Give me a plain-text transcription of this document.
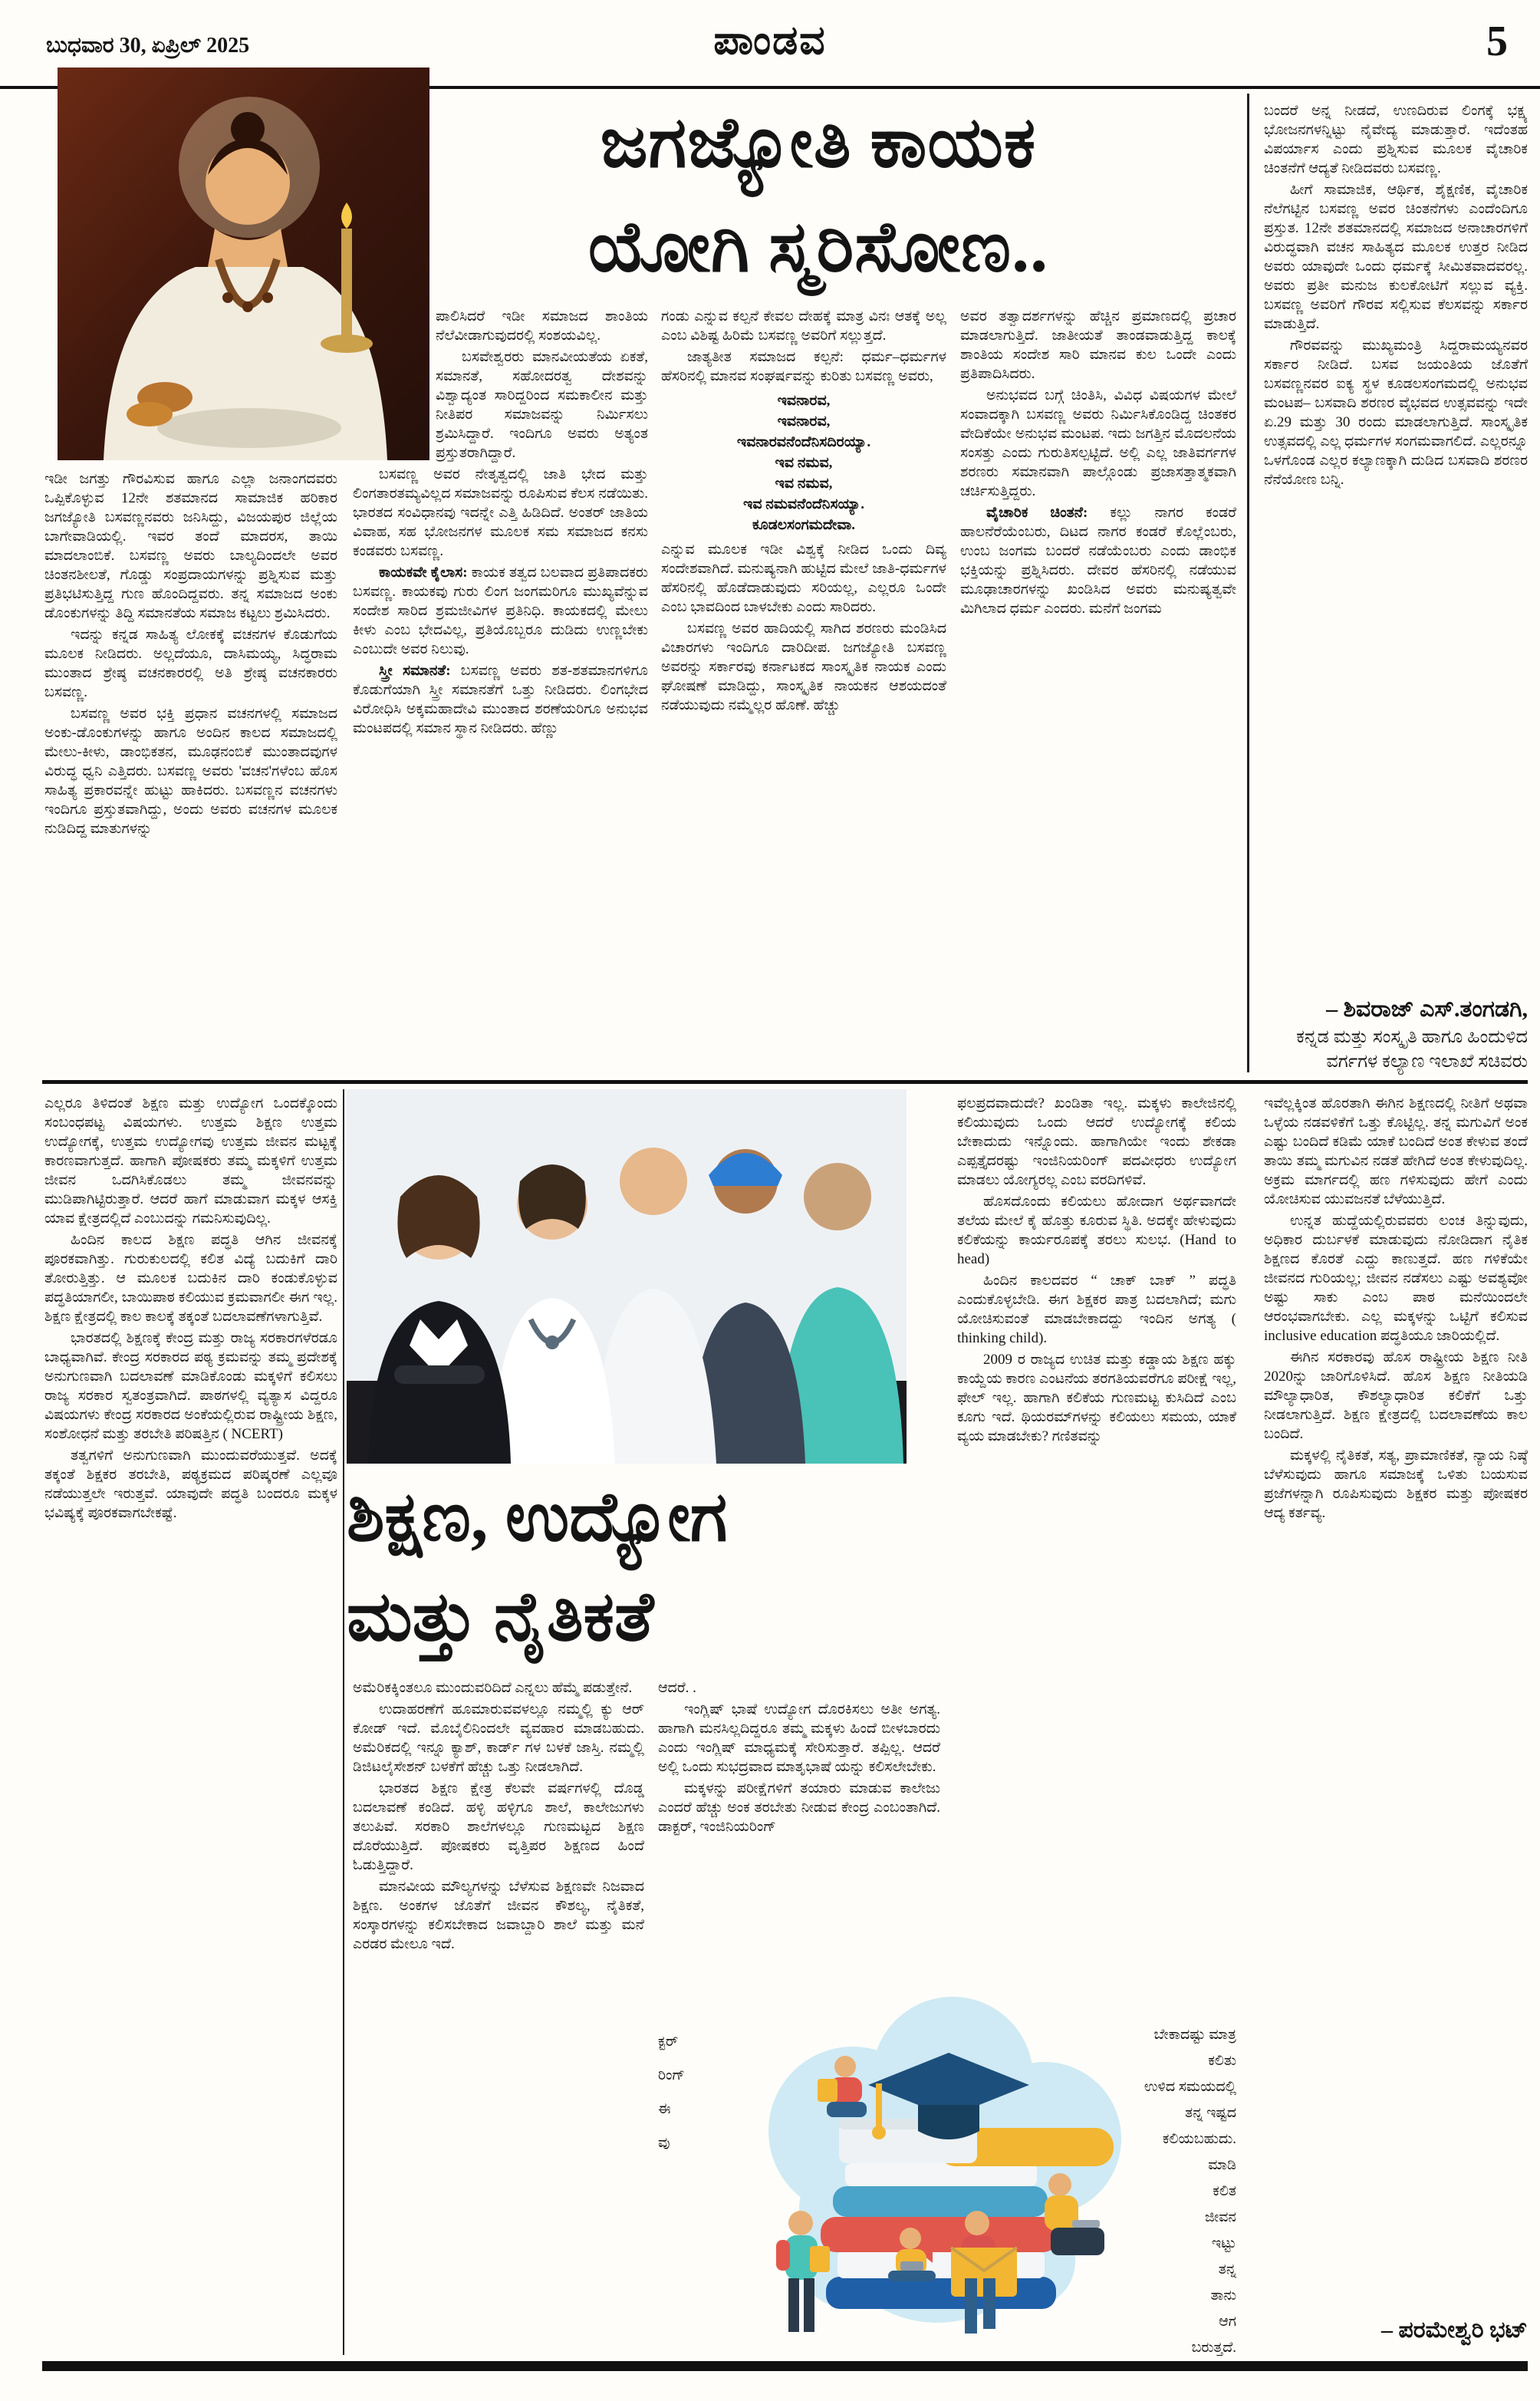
ಬುಧವಾರ 30, ಏಪ್ರಿಲ್ 2025	ಪಾಂಡವ	5
ಜಗಜ್ಯೋತಿ ಕಾಯಕ
ಯೋಗಿ ಸ್ಮರಿಸೋಣ..

ಇಡೀ ಜಗತ್ತು ಗೌರವಿಸುವ ಹಾಗೂ ಎಲ್ಲಾ ಜನಾಂಗದವರು ಒಪ್ಪಿಕೊಳ್ಳುವ 12ನೇ ಶತಮಾನದ ಸಾಮಾಜಿಕ ಹರಿಕಾರ ಜಗಜ್ಯೋತಿ ಬಸವಣ್ಣನವರು ಜನಿಸಿದ್ದು, ವಿಜಯಪುರ ಜಿಲ್ಲೆಯ ಬಾಗೇವಾಡಿಯಲ್ಲಿ. ಇವರ ತಂದೆ ಮಾದರಸ, ತಾಯಿ ಮಾದಲಾಂಬಿಕೆ. ಬಸವಣ್ಣ ಅವರು ಬಾಲ್ಯದಿಂದಲೇ ಅವರ ಚಿಂತನಶೀಲತೆ, ಗೊಡ್ಡು ಸಂಪ್ರದಾಯಗಳನ್ನು ಪ್ರಶ್ನಿಸುವ ಮತ್ತು ಪ್ರತಿಭಟಿಸುತ್ತಿದ್ದ ಗುಣ ಹೊಂದಿದ್ದವರು. ತನ್ನ ಸಮಾಜದ ಅಂಕು ಡೊಂಕುಗಳನ್ನು ತಿದ್ದಿ ಸಮಾನತೆಯ ಸಮಾಜ ಕಟ್ಟಲು ಶ್ರಮಿಸಿದರು.

ಇದನ್ನು ಕನ್ನಡ ಸಾಹಿತ್ಯ ಲೋಕಕ್ಕೆ ವಚನಗಳ ಕೊಡುಗೆಯ ಮೂಲಕ ನೀಡಿದರು. ಅಲ್ಲದೆಯೂ, ದಾಸಿಮಯ್ಯ, ಸಿದ್ಧರಾಮ ಮುಂತಾದ ಶ್ರೇಷ್ಠ ವಚನಕಾರರಲ್ಲಿ ಅತಿ ಶ್ರೇಷ್ಠ ವಚನಕಾರರು ಬಸವಣ್ಣ.

ಬಸವಣ್ಣ ಅವರ ಭಕ್ತಿ ಪ್ರಧಾನ ವಚನಗಳಲ್ಲಿ ಸಮಾಜದ ಅಂಕು-ಡೊಂಕುಗಳನ್ನು ಹಾಗೂ ಅಂದಿನ ಕಾಲದ ಸಮಾಜದಲ್ಲಿ ಮೇಲು-ಕೀಳು, ಡಾಂಭಿಕತನ, ಮೂಢನಂಬಿಕೆ ಮುಂತಾದವುಗಳ ವಿರುದ್ಧ ಧ್ವನಿ ಎತ್ತಿದರು. ಬಸವಣ್ಣ ಅವರು 'ವಚನ'ಗಳೆಂಬ ಹೊಸ ಸಾಹಿತ್ಯ ಪ್ರಕಾರವನ್ನೇ ಹುಟ್ಟು ಹಾಕಿದರು. ಬಸವಣ್ಣನ ವಚನಗಳು ಇಂದಿಗೂ ಪ್ರಸ್ತುತವಾಗಿದ್ದು, ಅಂದು ಅವರು ವಚನಗಳ ಮೂಲಕ ನುಡಿದಿದ್ದ ಮಾತುಗಳನ್ನು

ಪಾಲಿಸಿದರೆ ಇಡೀ ಸಮಾಜದ ಶಾಂತಿಯ ನೆಲೆವೀಡಾಗುವುದರಲ್ಲಿ ಸಂಶಯವಿಲ್ಲ.

ಬಸವೇಶ್ವರರು ಮಾನವೀಯತೆಯ ಏಕತೆ, ಸಮಾನತೆ, ಸಹೋದರತ್ವ ದೇಶವನ್ನು ವಿಶ್ವಾದ್ಯಂತ ಸಾರಿದ್ದರಿಂದ ಸಮಕಾಲೀನ ಮತ್ತು ನೀತಿಪರ ಸಮಾಜವನ್ನು ನಿರ್ಮಿಸಲು ಶ್ರಮಿಸಿದ್ದಾರೆ. ಇಂದಿಗೂ ಅವರು ಅತ್ಯಂತ ಪ್ರಸ್ತುತರಾಗಿದ್ದಾರೆ.

ಬಸವಣ್ಣ ಅವರ ನೇತೃತ್ವದಲ್ಲಿ ಜಾತಿ ಭೇದ ಮತ್ತು ಲಿಂಗತಾರತಮ್ಯವಿಲ್ಲದ ಸಮಾಜವನ್ನು ರೂಪಿಸುವ ಕೆಲಸ ನಡೆಯಿತು. ಭಾರತದ ಸಂವಿಧಾನವು ಇದನ್ನೇ ಎತ್ತಿ ಹಿಡಿದಿದೆ. ಅಂತರ್ ಜಾತಿಯ ವಿವಾಹ, ಸಹ ಭೋಜನಗಳ ಮೂಲಕ ಸಮ ಸಮಾಜದ ಕನಸು ಕಂಡವರು ಬಸವಣ್ಣ.

ಕಾಯಕವೇ ಕೈಲಾಸ: ಕಾಯಕ ತತ್ವದ ಬಲವಾದ ಪ್ರತಿಪಾದಕರು ಬಸವಣ್ಣ. ಕಾಯಕವು ಗುರು ಲಿಂಗ ಜಂಗಮರಿಗೂ ಮುಖ್ಯವೆನ್ನುವ ಸಂದೇಶ ಸಾರಿದ ಶ್ರಮಜೀವಿಗಳ ಪ್ರತಿನಿಧಿ. ಕಾಯಕದಲ್ಲಿ ಮೇಲು ಕೀಳು ಎಂಬ ಭೇದವಿಲ್ಲ, ಪ್ರತಿಯೊಬ್ಬರೂ ದುಡಿದು ಉಣ್ಣಬೇಕು ಎಂಬುದೇ ಅವರ ನಿಲುವು.

ಸ್ತ್ರೀ ಸಮಾನತೆ: ಬಸವಣ್ಣ ಅವರು ಶತ-ಶತಮಾನಗಳಿಗೂ ಕೊಡುಗೆಯಾಗಿ ಸ್ತ್ರೀ ಸಮಾನತೆಗೆ ಒತ್ತು ನೀಡಿದರು. ಲಿಂಗಭೇದ ವಿರೋಧಿಸಿ ಅಕ್ಕಮಹಾದೇವಿ ಮುಂತಾದ ಶರಣೆಯರಿಗೂ ಅನುಭವ ಮಂಟಪದಲ್ಲಿ ಸಮಾನ ಸ್ಥಾನ ನೀಡಿದರು. ಹೆಣ್ಣು

ಗಂಡು ಎನ್ನುವ ಕಲ್ಪನೆ ಕೇವಲ ದೇಹಕ್ಕೆ ಮಾತ್ರ ವಿನಃ ಆತಕ್ಕೆ ಅಲ್ಲ ಎಂಬ ವಿಶಿಷ್ಟ ಹಿರಿಮೆ ಬಸವಣ್ಣ ಅವರಿಗೆ ಸಲ್ಲುತ್ತದೆ.

ಜಾತ್ಯತೀತ ಸಮಾಜದ ಕಲ್ಪನೆ: ಧರ್ಮ–ಧರ್ಮಗಳ ಹೆಸರಿನಲ್ಲಿ ಮಾನವ ಸಂಘರ್ಷವನ್ನು ಕುರಿತು ಬಸವಣ್ಣ ಅವರು,

ಇವನಾರವ,
ಇವನಾರವ,
ಇವನಾರವನೆಂದೆನಿಸದಿರಯ್ಯಾ.
ಇವ ನಮವ,
ಇವ ನಮವ,
ಇವ ನಮವನೆಂದೆನಿಸಯ್ಯಾ.
ಕೂಡಲಸಂಗಮದೇವಾ.

ಎನ್ನುವ ಮೂಲಕ ಇಡೀ ವಿಶ್ವಕ್ಕೆ ನೀಡಿದ ಒಂದು ದಿವ್ಯ ಸಂದೇಶವಾಗಿದೆ. ಮನುಷ್ಯನಾಗಿ ಹುಟ್ಟಿದ ಮೇಲೆ ಜಾತಿ-ಧರ್ಮಗಳ ಹೆಸರಿನಲ್ಲಿ ಹೊಡೆದಾಡುವುದು ಸರಿಯಲ್ಲ, ಎಲ್ಲರೂ ಒಂದೇ ಎಂಬ ಭಾವದಿಂದ ಬಾಳಬೇಕು ಎಂದು ಸಾರಿದರು.

ಬಸವಣ್ಣ ಅವರ ಹಾದಿಯಲ್ಲಿ ಸಾಗಿದ ಶರಣರು ಮಂಡಿಸಿದ ವಿಚಾರಗಳು ಇಂದಿಗೂ ದಾರಿದೀಪ. ಜಗಜ್ಯೋತಿ ಬಸವಣ್ಣ ಅವರನ್ನು ಸರ್ಕಾರವು ಕರ್ನಾಟಕದ ಸಾಂಸ್ಕೃತಿಕ ನಾಯಕ ಎಂದು ಘೋಷಣೆ ಮಾಡಿದ್ದು, ಸಾಂಸ್ಕೃತಿಕ ನಾಯಕನ ಆಶಯದಂತೆ ನಡೆಯುವುದು ನಮ್ಮೆಲ್ಲರ ಹೊಣೆ. ಹೆಚ್ಚು

ಅವರ ತತ್ವಾದರ್ಶಗಳನ್ನು ಹೆಚ್ಚಿನ ಪ್ರಮಾಣದಲ್ಲಿ ಪ್ರಚಾರ ಮಾಡಲಾಗುತ್ತಿದೆ. ಜಾತೀಯತೆ ತಾಂಡವಾಡುತ್ತಿದ್ದ ಕಾಲಕ್ಕೆ ಶಾಂತಿಯ ಸಂದೇಶ ಸಾರಿ ಮಾನವ ಕುಲ ಒಂದೇ ಎಂದು ಪ್ರತಿಪಾದಿಸಿದರು.

ಅನುಭವದ ಬಗ್ಗೆ ಚಿಂತಿಸಿ, ವಿವಿಧ ವಿಷಯಗಳ ಮೇಲೆ ಸಂವಾದಕ್ಕಾಗಿ ಬಸವಣ್ಣ ಅವರು ನಿರ್ಮಿಸಿಕೊಂಡಿದ್ದ ಚಿಂತಕರ ವೇದಿಕೆಯೇ ಅನುಭವ ಮಂಟಪ. ಇದು ಜಗತ್ತಿನ ಮೊದಲನೆಯ ಸಂಸತ್ತು ಎಂದು ಗುರುತಿಸಲ್ಪಟ್ಟಿದೆ. ಅಲ್ಲಿ ಎಲ್ಲ ಜಾತಿವರ್ಗಗಳ ಶರಣರು ಸಮಾನವಾಗಿ ಪಾಲ್ಗೊಂಡು ಪ್ರಜಾಸತ್ತಾತ್ಮಕವಾಗಿ ಚರ್ಚಿಸುತ್ತಿದ್ದರು.

ವೈಚಾರಿಕ ಚಿಂತನೆ: ಕಲ್ಲು ನಾಗರ ಕಂಡರೆ ಹಾಲನೆರೆಯೆಂಬರು, ದಿಟದ ನಾಗರ ಕಂಡರೆ ಕೊಲ್ಲೆಂಬರು, ಉಂಬ ಜಂಗಮ ಬಂದರೆ ನಡೆಯೆಂಬರು ಎಂದು ಡಾಂಭಿಕ ಭಕ್ತಿಯನ್ನು ಪ್ರಶ್ನಿಸಿದರು. ದೇವರ ಹೆಸರಿನಲ್ಲಿ ನಡೆಯುವ ಮೂಢಾಚಾರಗಳನ್ನು ಖಂಡಿಸಿದ ಅವರು ಮನುಷ್ಯತ್ವವೇ ಮಿಗಿಲಾದ ಧರ್ಮ ಎಂದರು. ಮನೆಗೆ ಜಂಗಮ

ಬಂದರೆ ಅನ್ನ ನೀಡದೆ, ಉಣದಿರುವ ಲಿಂಗಕ್ಕೆ ಭಕ್ಷ್ಯ ಭೋಜನಗಳನ್ನಿಟ್ಟು ನೈವೇದ್ಯ ಮಾಡುತ್ತಾರೆ. ಇದೆಂತಹ ವಿಪರ್ಯಾಸ ಎಂದು ಪ್ರಶ್ನಿಸುವ ಮೂಲಕ ವೈಚಾರಿಕ ಚಿಂತನೆಗೆ ಆದ್ಯತೆ ನೀಡಿದವರು ಬಸವಣ್ಣ.

ಹೀಗೆ ಸಾಮಾಜಿಕ, ಆರ್ಥಿಕ, ಶೈಕ್ಷಣಿಕ, ವೈಚಾರಿಕ ನೆಲೆಗಟ್ಟಿನ ಬಸವಣ್ಣ ಅವರ ಚಿಂತನೆಗಳು ಎಂದೆಂದಿಗೂ ಪ್ರಸ್ತುತ. 12ನೇ ಶತಮಾನದಲ್ಲಿ ಸಮಾಜದ ಅನಾಚಾರಗಳಿಗೆ ವಿರುದ್ಧವಾಗಿ ವಚನ ಸಾಹಿತ್ಯದ ಮೂಲಕ ಉತ್ತರ ನೀಡಿದ ಅವರು ಯಾವುದೇ ಒಂದು ಧರ್ಮಕ್ಕೆ ಸೀಮಿತವಾದವರಲ್ಲ. ಅವರು ಪ್ರತೀ ಮನುಜ ಕುಲಕೋಟಿಗೆ ಸಲ್ಲುವ ವ್ಯಕ್ತಿ. ಬಸವಣ್ಣ ಅವರಿಗೆ ಗೌರವ ಸಲ್ಲಿಸುವ ಕೆಲಸವನ್ನು ಸರ್ಕಾರ ಮಾಡುತ್ತಿದೆ.

ಗೌರವವನ್ನು ಮುಖ್ಯಮಂತ್ರಿ ಸಿದ್ದರಾಮಯ್ಯನವರ ಸರ್ಕಾರ ನೀಡಿದೆ. ಬಸವ ಜಯಂತಿಯ ಜೊತೆಗೆ ಬಸವಣ್ಣನವರ ಐಕ್ಯ ಸ್ಥಳ ಕೂಡಲಸಂಗಮದಲ್ಲಿ ಅನುಭವ ಮಂಟಪ– ಬಸವಾದಿ ಶರಣರ ವೈಭವದ ಉತ್ಸವವನ್ನು ಇದೇ ಏ.29 ಮತ್ತು 30 ರಂದು ಮಾಡಲಾಗುತ್ತಿದೆ. ಸಾಂಸ್ಕೃತಿಕ ಉತ್ಸವದಲ್ಲಿ ಎಲ್ಲ ಧರ್ಮಗಳ ಸಂಗಮವಾಗಲಿದೆ. ಎಲ್ಲರನ್ನೂ ಒಳಗೊಂಡ ಎಲ್ಲರ ಕಲ್ಯಾಣಕ್ಕಾಗಿ ದುಡಿದ ಬಸವಾದಿ ಶರಣರ ನೆನೆಯೋಣ ಬನ್ನಿ.

– ಶಿವರಾಜ್ ಎಸ್.ತಂಗಡಗಿ,
ಕನ್ನಡ ಮತ್ತು ಸಂಸ್ಕೃತಿ ಹಾಗೂ ಹಿಂದುಳಿದ
ವರ್ಗಗಳ ಕಲ್ಯಾಣ ಇಲಾಖೆ ಸಚಿವರು

ಎಲ್ಲರೂ ತಿಳಿದಂತೆ ಶಿಕ್ಷಣ ಮತ್ತು ಉದ್ಯೋಗ ಒಂದಕ್ಕೊಂದು ಸಂಬಂಧಪಟ್ಟ ವಿಷಯಗಳು. ಉತ್ತಮ ಶಿಕ್ಷಣ ಉತ್ತಮ ಉದ್ಯೋಗಕ್ಕೆ, ಉತ್ತಮ ಉದ್ಯೋಗವು ಉತ್ತಮ ಜೀವನ ಮಟ್ಟಕ್ಕೆ ಕಾರಣವಾಗುತ್ತದೆ. ಹಾಗಾಗಿ ಪೋಷಕರು ತಮ್ಮ ಮಕ್ಕಳಿಗೆ ಉತ್ತಮ ಜೀವನ ಒದಗಿಸಿಕೊಡಲು ತಮ್ಮ ಜೀವನವನ್ನು ಮುಡಿಪಾಗಿಟ್ಟಿರುತ್ತಾರೆ. ಆದರೆ ಹಾಗೆ ಮಾಡುವಾಗ ಮಕ್ಕಳ ಆಸಕ್ತಿ ಯಾವ ಕ್ಷೇತ್ರದಲ್ಲಿದೆ ಎಂಬುದನ್ನು ಗಮನಿಸುವುದಿಲ್ಲ.

ಹಿಂದಿನ ಕಾಲದ ಶಿಕ್ಷಣ ಪದ್ಧತಿ ಆಗಿನ ಜೀವನಕ್ಕೆ ಪೂರಕವಾಗಿತ್ತು. ಗುರುಕುಲದಲ್ಲಿ ಕಲಿತ ವಿದ್ಯೆ ಬದುಕಿಗೆ ದಾರಿ ತೋರುತ್ತಿತ್ತು. ಆ ಮೂಲಕ ಬದುಕಿನ ದಾರಿ ಕಂಡುಕೊಳ್ಳುವ ಪದ್ಧತಿಯಾಗಲೀ, ಬಾಯಿಪಾಠ ಕಲಿಯುವ ಕ್ರಮವಾಗಲೀ ಈಗ ಇಲ್ಲ. ಶಿಕ್ಷಣ ಕ್ಷೇತ್ರದಲ್ಲಿ ಕಾಲ ಕಾಲಕ್ಕೆ ತಕ್ಕಂತೆ ಬದಲಾವಣೆಗಳಾಗುತ್ತಿವೆ.

ಭಾರತದಲ್ಲಿ ಶಿಕ್ಷಣಕ್ಕೆ ಕೇಂದ್ರ ಮತ್ತು ರಾಜ್ಯ ಸರಕಾರಗಳೆರಡೂ ಬಾಧ್ಯವಾಗಿವೆ. ಕೇಂದ್ರ ಸರಕಾರದ ಪಠ್ಯ ಕ್ರಮವನ್ನು ತಮ್ಮ ಪ್ರದೇಶಕ್ಕೆ ಅನುಗುಣವಾಗಿ ಬದಲಾವಣೆ ಮಾಡಿಕೊಂಡು ಮಕ್ಕಳಿಗೆ ಕಲಿಸಲು ರಾಜ್ಯ ಸರಕಾರ ಸ್ವತಂತ್ರವಾಗಿದೆ. ಪಾಠಗಳಲ್ಲಿ ವ್ಯತ್ಯಾಸ ವಿದ್ದರೂ ವಿಷಯಗಳು ಕೇಂದ್ರ ಸರಕಾರದ ಅಂಕೆಯಲ್ಲಿರುವ ರಾಷ್ಟ್ರೀಯ ಶಿಕ್ಷಣ, ಸಂಶೋಧನೆ ಮತ್ತು ತರಬೇತಿ ಪರಿಷತ್ತಿನ ( NCERT)

ತತ್ವಗಳಿಗೆ ಅನುಗುಣವಾಗಿ ಮುಂದುವರೆಯುತ್ತವೆ. ಅದಕ್ಕೆ ತಕ್ಕಂತೆ ಶಿಕ್ಷಕರ ತರಬೇತಿ, ಪಠ್ಯಕ್ರಮದ ಪರಿಷ್ಕರಣೆ ಎಲ್ಲವೂ ನಡೆಯುತ್ತಲೇ ಇರುತ್ತವೆ. ಯಾವುದೇ ಪದ್ಧತಿ ಬಂದರೂ ಮಕ್ಕಳ ಭವಿಷ್ಯಕ್ಕೆ ಪೂರಕವಾಗಬೇಕಷ್ಟೆ.	ಶಿಕ್ಷಣ, ಉದ್ಯೋಗ
ಮತ್ತು ನೈತಿಕತೆ

ಅಮೆರಿಕಕ್ಕಿಂತಲೂ ಮುಂದುವರಿದಿದೆ ಎನ್ನಲು ಹೆಮ್ಮೆ ಪಡುತ್ತೇನೆ.

ಉದಾಹರಣೆಗೆ ಹೂಮಾರುವವಳಲ್ಲೂ ನಮ್ಮಲ್ಲಿ ಕ್ಯು ಆರ್ ಕೋಡ್ ಇದೆ. ಮೊಬೈಲಿನಿಂದಲೇ ವ್ಯವಹಾರ ಮಾಡಬಹುದು. ಅಮೆರಿಕದಲ್ಲಿ ಇನ್ನೂ ಕ್ಯಾಶ್, ಕಾರ್ಡ್ ಗಳ ಬಳಕೆ ಜಾಸ್ತಿ. ನಮ್ಮಲ್ಲಿ ಡಿಜಿಟಲೈಸೇಶನ್ ಬಳಕೆಗೆ ಹೆಚ್ಚು ಒತ್ತು ನೀಡಲಾಗಿದೆ.

ಭಾರತದ ಶಿಕ್ಷಣ ಕ್ಷೇತ್ರ ಕೆಲವೇ ವರ್ಷಗಳಲ್ಲಿ ದೊಡ್ಡ ಬದಲಾವಣೆ ಕಂಡಿದೆ. ಹಳ್ಳಿ ಹಳ್ಳಿಗೂ ಶಾಲೆ, ಕಾಲೇಜುಗಳು ತಲುಪಿವೆ. ಸರಕಾರಿ ಶಾಲೆಗಳಲ್ಲೂ ಗುಣಮಟ್ಟದ ಶಿಕ್ಷಣ ದೊರೆಯುತ್ತಿದೆ. ಪೋಷಕರು ವೃತ್ತಿಪರ ಶಿಕ್ಷಣದ ಹಿಂದೆ ಓಡುತ್ತಿದ್ದಾರೆ.

ಮಾನವೀಯ ಮೌಲ್ಯಗಳನ್ನು ಬೆಳೆಸುವ ಶಿಕ್ಷಣವೇ ನಿಜವಾದ ಶಿಕ್ಷಣ. ಅಂಕಗಳ ಜೊತೆಗೆ ಜೀವನ ಕೌಶಲ್ಯ, ನೈತಿಕತೆ, ಸಂಸ್ಕಾರಗಳನ್ನು ಕಲಿಸಬೇಕಾದ ಜವಾಬ್ದಾರಿ ಶಾಲೆ ಮತ್ತು ಮನೆ ಎರಡರ ಮೇಲೂ ಇದೆ.

ಆದರೆ. .

ಇಂಗ್ಲಿಷ್ ಭಾಷೆ ಉದ್ಯೋಗ ದೊರಕಿಸಲು ಅತೀ ಅಗತ್ಯ. ಹಾಗಾಗಿ ಮನಸಿಲ್ಲದಿದ್ದರೂ ತಮ್ಮ ಮಕ್ಕಳು ಹಿಂದೆ ಬೀಳಬಾರದು ಎಂದು ಇಂಗ್ಲಿಷ್ ಮಾಧ್ಯಮಕ್ಕೆ ಸೇರಿಸುತ್ತಾರೆ. ತಪ್ಪಿಲ್ಲ. ಆದರೆ ಅಲ್ಲಿ ಒಂದು ಸುಭದ್ರವಾದ ಮಾತೃಭಾಷೆ ಯನ್ನು ಕಲಿಸಲೇಬೇಕು.

ಮಕ್ಕಳನ್ನು ಪರೀಕ್ಷೆಗಳಿಗೆ ತಯಾರು ಮಾಡುವ ಕಾಲೇಜು ಎಂದರೆ ಹೆಚ್ಚು ಅಂಕ ತರಬೇತು ನೀಡುವ ಕೇಂದ್ರ ಎಂಬಂತಾಗಿದೆ. ಡಾಕ್ಟರ್, ಇಂಜಿನಿಯರಿಂಗ್

ಕ್ಟರ್
ರಿಂಗ್
ಈ
ವು

ಫಲಪ್ರದವಾದುದೇ? ಖಂಡಿತಾ ಇಲ್ಲ. ಮಕ್ಕಳು ಕಾಲೇಜಿನಲ್ಲಿ ಕಲಿಯುವುದು ಒಂದು ಆದರೆ ಉದ್ಯೋಗಕ್ಕೆ ಕಲಿಯ ಬೇಕಾದುದು ಇನ್ನೊಂದು. ಹಾಗಾಗಿಯೇ ಇಂದು ಶೇಕಡಾ ಎಪ್ಪತ್ತೈದರಷ್ಟು ಇಂಜಿನಿಯರಿಂಗ್ ಪದವೀಧರು ಉದ್ಯೋಗ ಮಾಡಲು ಯೋಗ್ಯರಲ್ಲ ಎಂಬ ವರದಿಗಳಿವೆ.

ಹೊಸದೊಂದು ಕಲಿಯಲು ಹೋದಾಗ ಅರ್ಥವಾಗದೇ ತಲೆಯ ಮೇಲೆ ಕೈ ಹೊತ್ತು ಕೂರುವ ಸ್ಥಿತಿ. ಅದಕ್ಕೇ ಹೇಳುವುದು ಕಲಿಕೆಯನ್ನು ಕಾರ್ಯರೂಪಕ್ಕೆ ತರಲು ಸುಲಭ. (Hand to head)

ಹಿಂದಿನ ಕಾಲದವರ “ ಚಾಕ್ ಬಾಕ್ ” ಪದ್ಧತಿ ಎಂದುಕೊಳ್ಳಬೇಡಿ. ಈಗ ಶಿಕ್ಷಕರ ಪಾತ್ರ ಬದಲಾಗಿದೆ; ಮಗು ಯೋಚಿಸುವಂತೆ ಮಾಡಬೇಕಾದದ್ದು ಇಂದಿನ ಅಗತ್ಯ ( thinking child).

2009 ರ ರಾಜ್ಯದ ಉಚಿತ ಮತ್ತು ಕಡ್ಡಾಯ ಶಿಕ್ಷಣ ಹಕ್ಕು ಕಾಯ್ದೆಯ ಕಾರಣ ಎಂಟನೆಯ ತರಗತಿಯವರೆಗೂ ಪರೀಕ್ಷೆ ಇಲ್ಲ, ಫೇಲ್ ಇಲ್ಲ. ಹಾಗಾಗಿ ಕಲಿಕೆಯ ಗುಣಮಟ್ಟ ಕುಸಿದಿದೆ ಎಂಬ ಕೂಗು ಇದೆ. ಥಿಯರಮ್‌ಗಳನ್ನು ಕಲಿಯಲು ಸಮಯ, ಯಾಕೆ ವ್ಯಯ ಮಾಡಬೇಕು? ಗಣಿತವನ್ನು

ಬೇಕಾದಷ್ಟು ಮಾತ್ರ ಕಲಿತು
ಉಳಿದ ಸಮಯದಲ್ಲಿ
ತನ್ನ ಇಷ್ಟದ
ಕಲಿಯಬಹುದು.
ಮಾಡಿ
ಕಲಿತ
ಜೀವನ
ಇಟ್ಟು
ತನ್ನ
ತಾನು
ಆಗ
ಬರುತ್ತದೆ.

ಇವೆಲ್ಲಕ್ಕಿಂತ ಹೊರತಾಗಿ ಈಗಿನ ಶಿಕ್ಷಣದಲ್ಲಿ ನೀತಿಗೆ ಅಥವಾ ಒಳ್ಳೆಯ ನಡವಳಿಕೆಗೆ ಒತ್ತು ಕೊಟ್ಟಿಲ್ಲ. ತನ್ನ ಮಗುವಿಗೆ ಅಂಕ ಎಷ್ಟು ಬಂದಿದೆ ಕಡಿಮೆ ಯಾಕೆ ಬಂದಿದೆ ಅಂತ ಕೇಳುವ ತಂದೆ ತಾಯಿ ತಮ್ಮ ಮಗುವಿನ ನಡತೆ ಹೇಗಿದೆ ಅಂತ ಕೇಳುವುದಿಲ್ಲ. ಅಕ್ರಮ ಮಾರ್ಗದಲ್ಲಿ ಹಣ ಗಳಿಸುವುದು ಹೇಗೆ ಎಂದು ಯೋಚಿಸುವ ಯುವಜನತೆ ಬೆಳೆಯುತ್ತಿದೆ.

ಉನ್ನತ ಹುದ್ದೆಯಲ್ಲಿರುವವರು ಲಂಚ ತಿನ್ನುವುದು, ಅಧಿಕಾರ ದುರ್ಬಳಕೆ ಮಾಡುವುದು ನೋಡಿದಾಗ ನೈತಿಕ ಶಿಕ್ಷಣದ ಕೊರತೆ ಎದ್ದು ಕಾಣುತ್ತದೆ. ಹಣ ಗಳಿಕೆಯೇ ಜೀವನದ ಗುರಿಯಲ್ಲ; ಜೀವನ ನಡೆಸಲು ಎಷ್ಟು ಅವಶ್ಯವೋ ಅಷ್ಟು ಸಾಕು ಎಂಬ ಪಾಠ ಮನೆಯಿಂದಲೇ ಆರಂಭವಾಗಬೇಕು. ಎಲ್ಲ ಮಕ್ಕಳನ್ನು ಒಟ್ಟಿಗೆ ಕಲಿಸುವ inclusive education ಪದ್ಧತಿಯೂ ಜಾರಿಯಲ್ಲಿದೆ.

ಈಗಿನ ಸರಕಾರವು ಹೊಸ ರಾಷ್ಟ್ರೀಯ ಶಿಕ್ಷಣ ನೀತಿ 2020ನ್ನು ಜಾರಿಗೊಳಿಸಿದೆ. ಹೊಸ ಶಿಕ್ಷಣ ನೀತಿಯಡಿ ಮೌಲ್ಯಾಧಾರಿತ, ಕೌಶಲ್ಯಾಧಾರಿತ ಕಲಿಕೆಗೆ ಒತ್ತು ನೀಡಲಾಗುತ್ತಿದೆ. ಶಿಕ್ಷಣ ಕ್ಷೇತ್ರದಲ್ಲಿ ಬದಲಾವಣೆಯ ಕಾಲ ಬಂದಿದೆ.

ಮಕ್ಕಳಲ್ಲಿ ನೈತಿಕತೆ, ಸತ್ಯ, ಪ್ರಾಮಾಣಿಕತೆ, ನ್ಯಾಯ ನಿಷ್ಠೆ ಬೆಳೆಸುವುದು ಹಾಗೂ ಸಮಾಜಕ್ಕೆ ಒಳಿತು ಬಯಸುವ ಪ್ರಜೆಗಳನ್ನಾಗಿ ರೂಪಿಸುವುದು ಶಿಕ್ಷಕರ ಮತ್ತು ಪೋಷಕರ ಆದ್ಯ ಕರ್ತವ್ಯ.

– ಪರಮೇಶ್ವರಿ ಭಟ್
